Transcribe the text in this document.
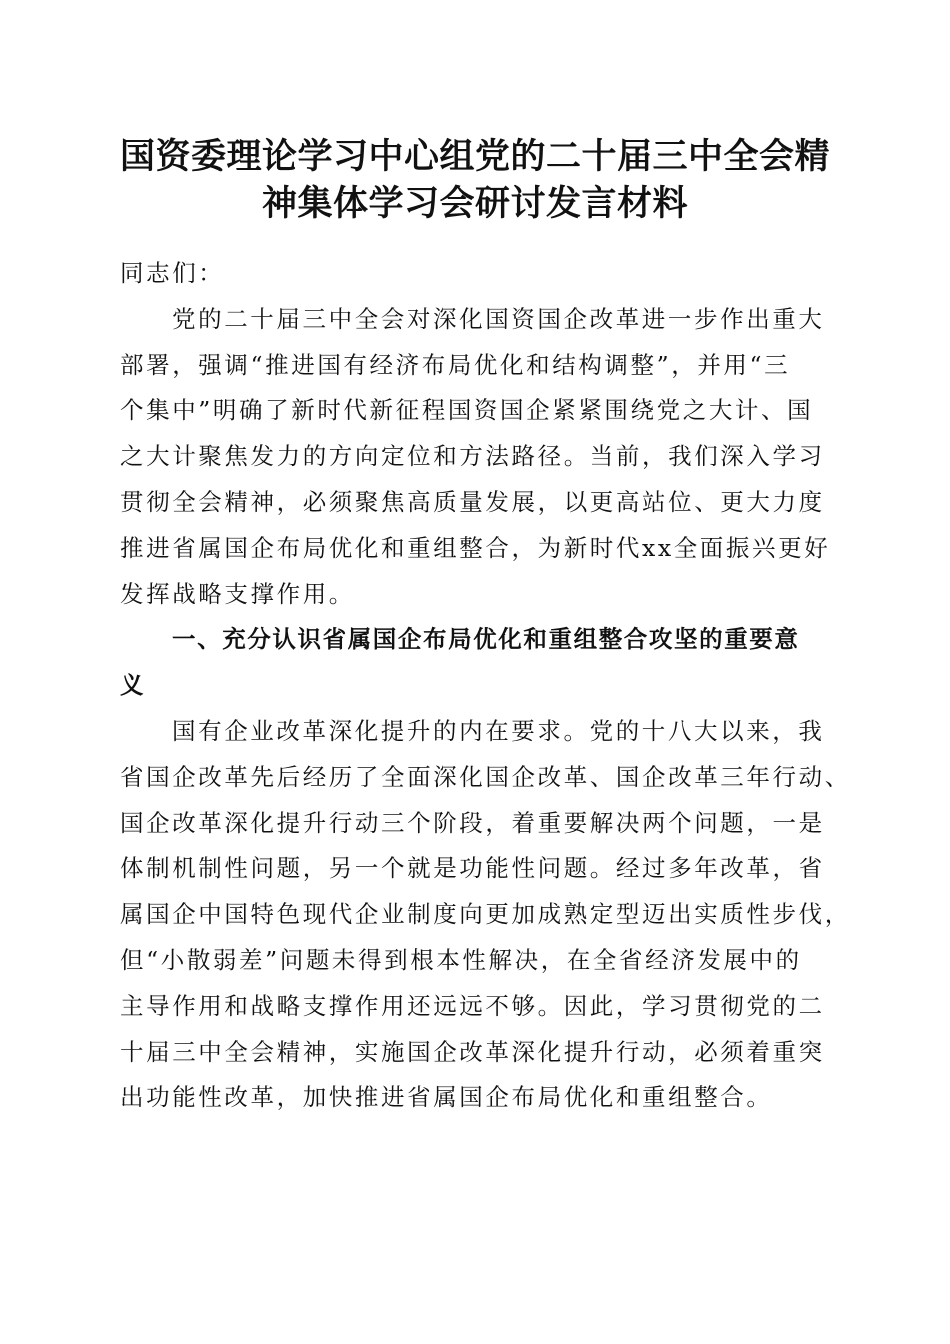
国资委理论学习中心组党的二十届三中全会精
神集体学习会研讨发言材料
同志们：
党的二十届三中全会对深化国资国企改革进一步作出重大
部署，强调“推进国有经济布局优化和结构调整”，并用“三
个集中”明确了新时代新征程国资国企紧紧围绕党之大计、国
之大计聚焦发力的方向定位和方法路径。当前，我们深入学习
贯彻全会精神，必须聚焦高质量发展，以更高站位、更大力度
推进省属国企布局优化和重组整合，为新时代xx全面振兴更好
发挥战略支撑作用。
一、充分认识省属国企布局优化和重组整合攻坚的重要意
义
国有企业改革深化提升的内在要求。党的十八大以来，我
省国企改革先后经历了全面深化国企改革、国企改革三年行动、
国企改革深化提升行动三个阶段，着重要解决两个问题，一是
体制机制性问题，另一个就是功能性问题。经过多年改革，省
属国企中国特色现代企业制度向更加成熟定型迈出实质性步伐，
但“小散弱差”问题未得到根本性解决，在全省经济发展中的
主导作用和战略支撑作用还远远不够。因此，学习贯彻党的二
十届三中全会精神，实施国企改革深化提升行动，必须着重突
出功能性改革，加快推进省属国企布局优化和重组整合。
